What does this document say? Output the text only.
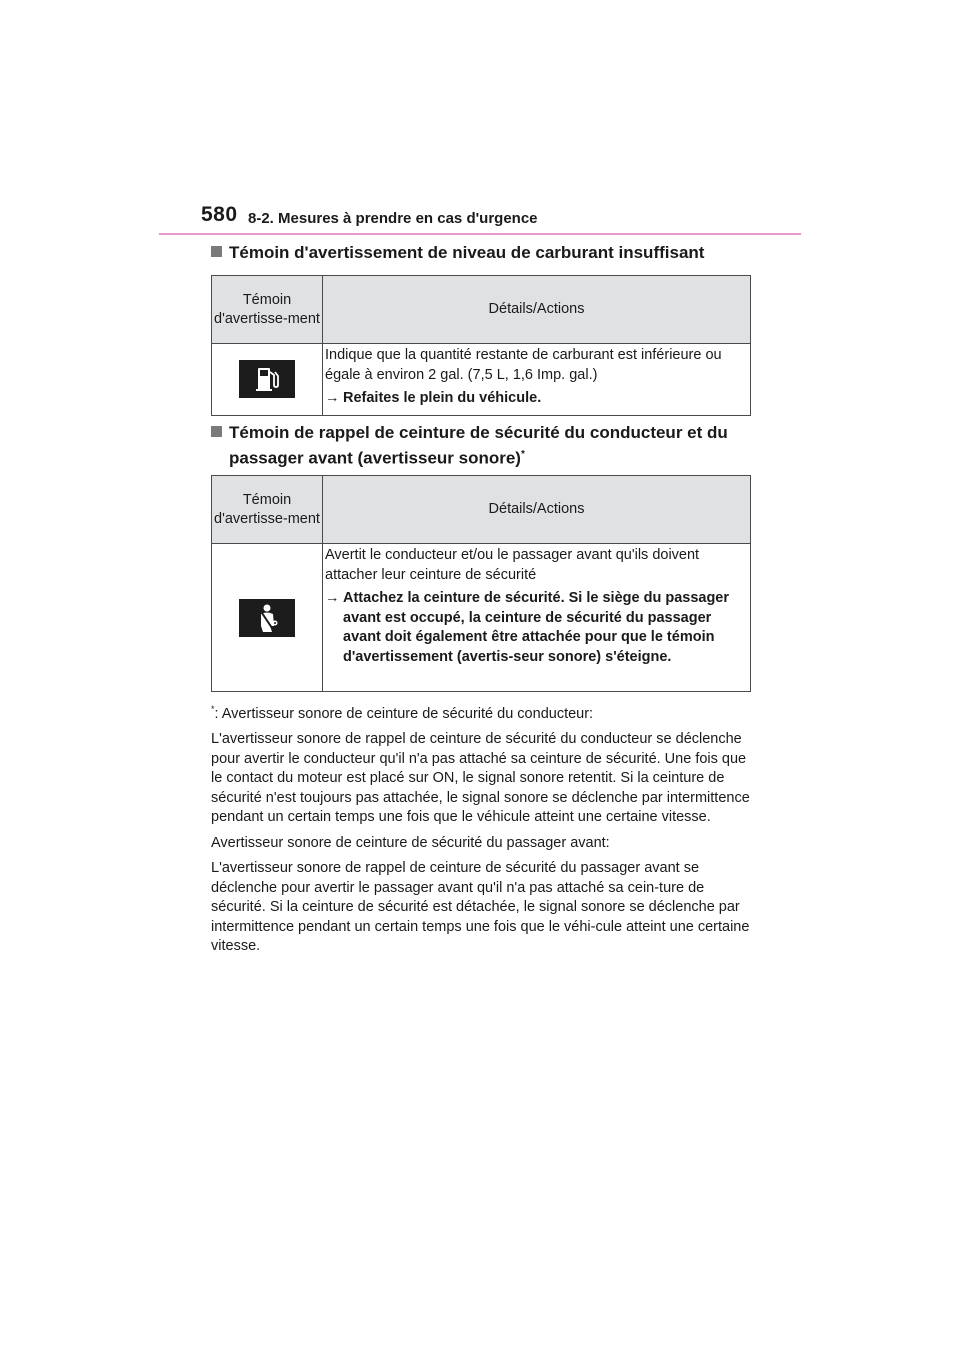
580 8-2. Mesures à prendre en cas d'urgence
Témoin d'avertissement de niveau de carburant insuffisant
Témoin d'avertisse-ment	Détails/Actions

Indique que la quantité restante de carburant est inférieure ou égale à environ 2 gal. (7,5 L, 1,6 Imp. gal.)
→ Refaites le plein du véhicule.
Témoin de rappel de ceinture de sécurité du conducteur et du
passager avant (avertisseur sonore)*
Témoin d'avertisse-ment	Détails/Actions

Avertit le conducteur et/ou le passager avant qu'ils doivent attacher leur ceinture de sécurité
→ Attachez la ceinture de sécurité. Si le siège du passager avant est occupé, la ceinture de sécurité du passager avant doit également être attachée pour que le témoin d'avertissement (avertis-seur sonore) s'éteigne.

*: Avertisseur sonore de ceinture de sécurité du conducteur:

L'avertisseur sonore de rappel de ceinture de sécurité du conducteur se déclenche pour avertir le conducteur qu'il n'a pas attaché sa ceinture de sécurité. Une fois que le contact du moteur est placé sur ON, le signal sonore retentit. Si la ceinture de sécurité n'est toujours pas attachée, le signal sonore se déclenche par intermittence pendant un certain temps une fois que le véhicule atteint une certaine vitesse.

Avertisseur sonore de ceinture de sécurité du passager avant:

L'avertisseur sonore de rappel de ceinture de sécurité du passager avant se déclenche pour avertir le passager avant qu'il n'a pas attaché sa cein-ture de sécurité. Si la ceinture de sécurité est détachée, le signal sonore se déclenche par intermittence pendant un certain temps une fois que le véhi-cule atteint une certaine vitesse.
